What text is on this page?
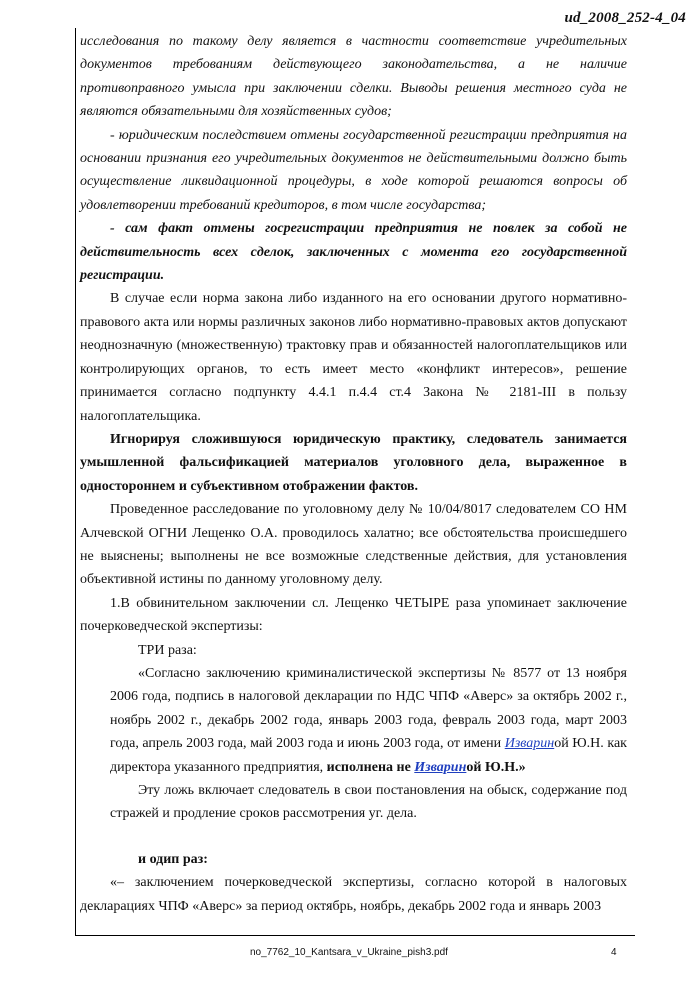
ud_2008_252-4_04

исследования по такому делу является в частности соответствие учредительных документов требованиям действующего законодательства, а не наличие противоправного умысла при заключении сделки. Выводы решения местного суда не являются обязательными для хозяйственных судов;

- юридическим последствием отмены государственной регистрации предприятия на основании признания его учредительных документов не действительными должно быть осуществление ликвидационной процедуры, в ходе которой решаются вопросы об удовлетворении требований кредиторов, в том числе государства;

- сам факт отмены госрегистрации предприятия не повлек за собой не действительность всех сделок, заключенных с момента его государственной регистрации.

В случае если норма закона либо изданного на его основании другого нормативно-правового акта или нормы различных законов либо нормативно-правовых актов допускают неоднозначную (множественную) трактовку прав и обязанностей налогоплательщиков или контролирующих органов, то есть имеет место «конфликт интересов», решение принимается согласно подпункту 4.4.1 п.4.4 ст.4 Закона № 2181-III в пользу налогоплательщика.

Игнорируя сложившуюся юридическую практику, следователь занимается умышленной фальсификацией материалов уголовного дела, выраженное в одностороннем и субъективном отображении фактов.

Проведенное расследование по уголовному делу № 10/04/8017 следователем СО НМ Алчевской ОГНИ Лещенко О.А. проводилось халатно; все обстоятельства происшедшего не выяснены; выполнены не все возможные следственные действия, для установления объективной истины по данному уголовному делу.

1.В обвинительном заключении сл. Лещенко ЧЕТЫРЕ раза упоминает заключение почерковедческой экспертизы:

ТРИ раза:

«Согласно заключению криминалистической экспертизы № 8577 от 13 ноября 2006 года, подпись в налоговой декларации по НДС ЧПФ «Аверс» за октябрь 2002 г., ноябрь 2002 г., декабрь 2002 года, январь 2003 года, февраль 2003 года, март 2003 года, апрель 2003 года, май 2003 года и июнь 2003 года, от имени Извариной Ю.Н. как директора указанного предприятия, исполнена не Извариной Ю.Н.»

Эту ложь включает следователь в свои постановления на обыск, содержание под стражей и продление сроков рассмотрения уг. дела.

и одип раз:

«– заключением почерковедческой экспертизы, согласно которой в налоговых декларациях ЧПФ «Аверс» за период октябрь, ноябрь, декабрь 2002 года и январь 2003

no_7762_10_Kantsara_v_Ukraine_pish3.pdf	4
